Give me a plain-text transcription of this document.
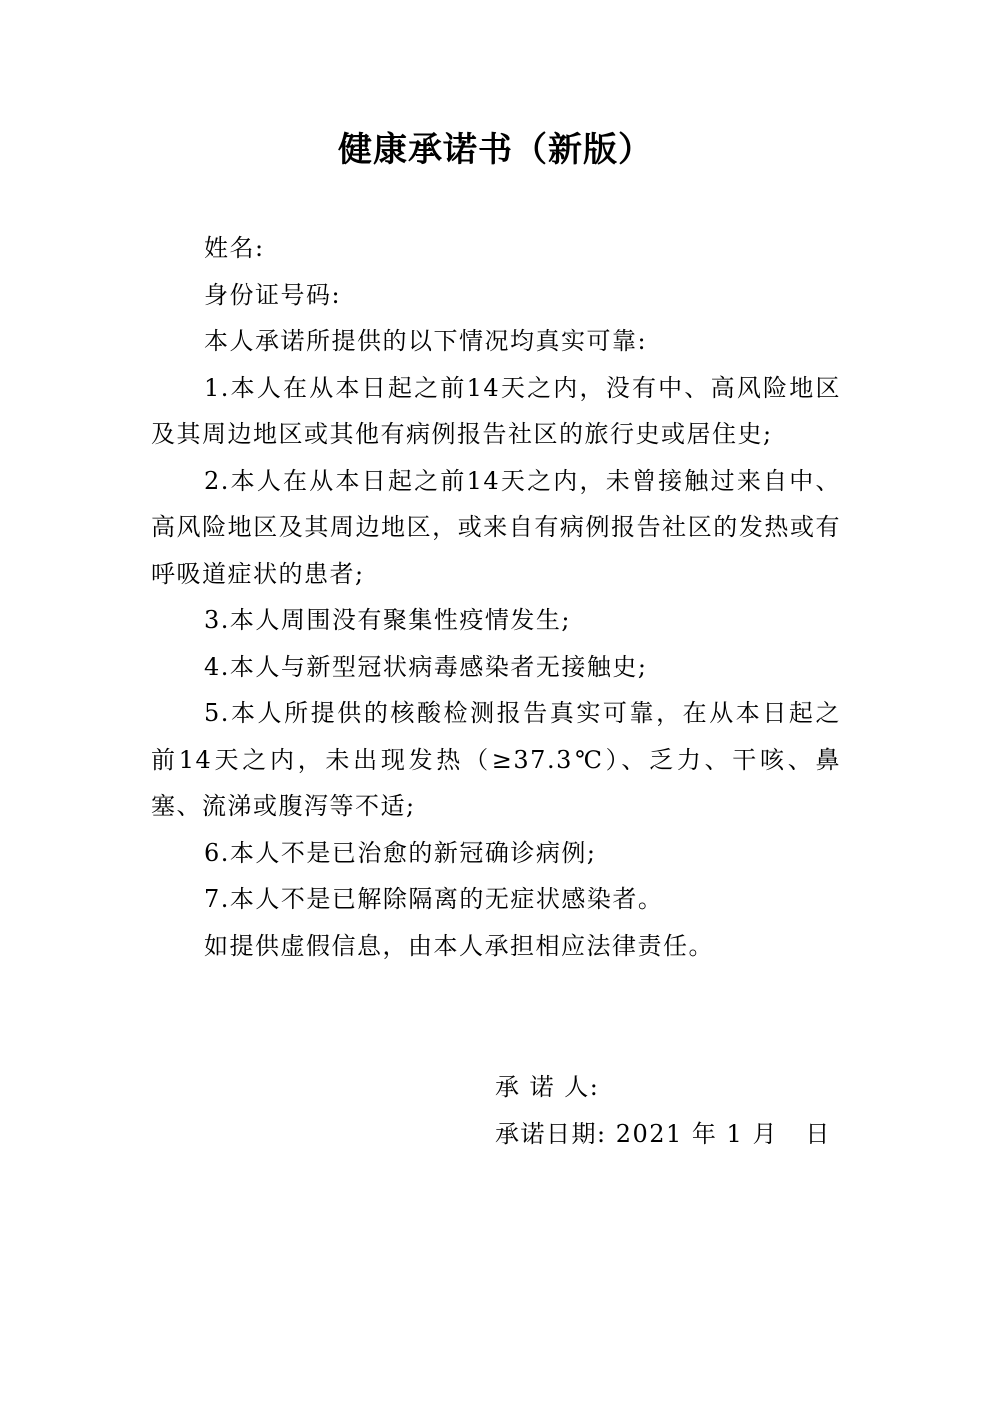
健康承诺书（新版）

姓名:

身份证号码:

本人承诺所提供的以下情况均真实可靠:

1.本人在从本日起之前14天之内，没有中、高风险地区及其周边地区或其他有病例报告社区的旅行史或居住史;

2.本人在从本日起之前14天之内，未曾接触过来自中、高风险地区及其周边地区，或来自有病例报告社区的发热或有呼吸道症状的患者;

3.本人周围没有聚集性疫情发生;

4.本人与新型冠状病毒感染者无接触史;

5.本人所提供的核酸检测报告真实可靠，在从本日起之前14天之内，未出现发热（≥37.3℃）、乏力、干咳、鼻塞、流涕或腹泻等不适;

6.本人不是已治愈的新冠确诊病例;

7.本人不是已解除隔离的无症状感染者。

如提供虚假信息，由本人承担相应法律责任。

承 诺 人:
承诺日期: 2021 年 1 月   日
